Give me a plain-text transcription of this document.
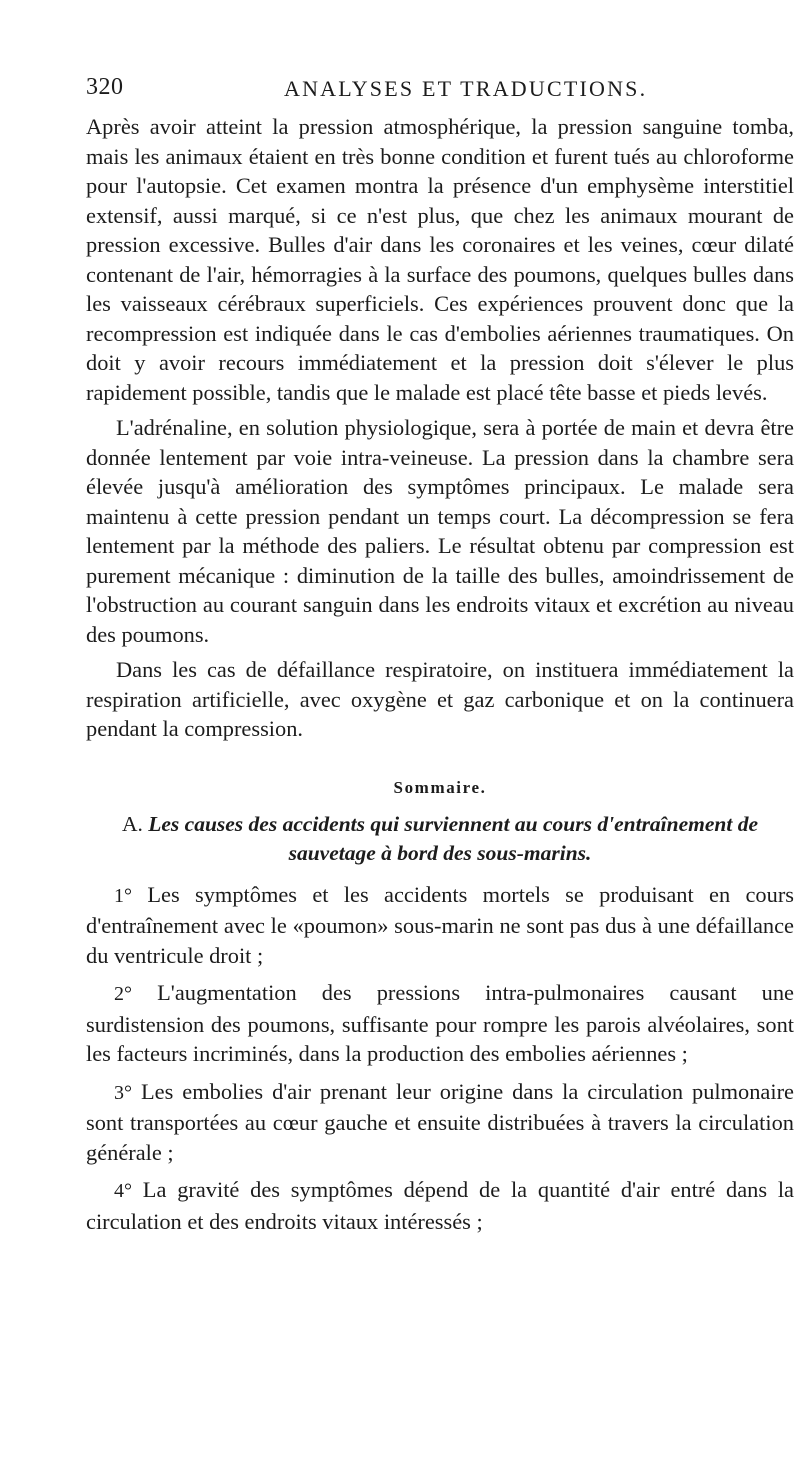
320	ANALYSES ET TRADUCTIONS.

Après avoir atteint la pression atmosphérique, la pression sanguine tomba, mais les animaux étaient en très bonne condition et furent tués au chloroforme pour l'autopsie. Cet examen montra la présence d'un emphysème interstitiel extensif, aussi marqué, si ce n'est plus, que chez les animaux mourant de pression excessive. Bulles d'air dans les coronaires et les veines, cœur dilaté contenant de l'air, hémorragies à la surface des poumons, quelques bulles dans les vaisseaux cérébraux superficiels. Ces expériences prouvent donc que la recompression est indiquée dans le cas d'embolies aériennes traumatiques. On doit y avoir recours immédiatement et la pression doit s'élever le plus rapidement possible, tandis que le malade est placé tête basse et pieds levés.

L'adrénaline, en solution physiologique, sera à portée de main et devra être donnée lentement par voie intra-veineuse. La pression dans la chambre sera élevée jusqu'à amélioration des symptômes principaux. Le malade sera maintenu à cette pression pendant un temps court. La décompression se fera lentement par la méthode des paliers. Le résultat obtenu par compression est purement mécanique : diminution de la taille des bulles, amoindrissement de l'obstruction au courant sanguin dans les endroits vitaux et excrétion au niveau des poumons.

Dans les cas de défaillance respiratoire, on instituera immédiatement la respiration artificielle, avec oxygène et gaz carbonique et on la continuera pendant la compression.

Sommaire.
A. Les causes des accidents qui surviennent au cours d'entraînement de sauvetage à bord des sous-marins.

1° Les symptômes et les accidents mortels se produisant en cours d'entraînement avec le «poumon» sous-marin ne sont pas dus à une défaillance du ventricule droit ;

2° L'augmentation des pressions intra-pulmonaires causant une surdistension des poumons, suffisante pour rompre les parois alvéolaires, sont les facteurs incriminés, dans la production des embolies aériennes ;

3° Les embolies d'air prenant leur origine dans la circulation pulmonaire sont transportées au cœur gauche et ensuite distribuées à travers la circulation générale ;

4° La gravité des symptômes dépend de la quantité d'air entré dans la circulation et des endroits vitaux intéressés ;
